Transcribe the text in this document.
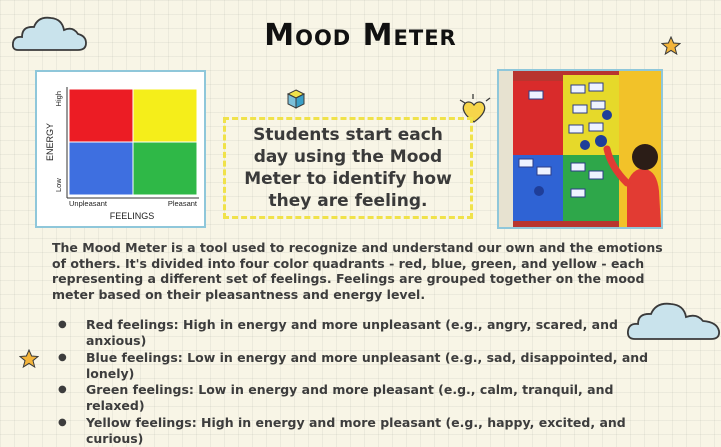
Mood Meter
High
Low
ENERGY
Unpleasant	Pleasant
FEELINGS
Students start each day using the Mood Meter to identify how they are feeling.
The Mood Meter is a tool used to recognize and understand our own and the emotions of others. It's divided into four color quadrants - red, blue, green, and yellow - each representing a different set of feelings. Feelings are grouped together on the mood meter based on their pleasantness and energy level.
● Red feelings: High in energy and more unpleasant (e.g., angry, scared, and anxious)
● Blue feelings: Low in energy and more unpleasant (e.g., sad, disappointed, and lonely)
● Green feelings: Low in energy and more pleasant (e.g., calm, tranquil, and relaxed)
● Yellow feelings: High in energy and more pleasant (e.g., happy, excited, and curious)
